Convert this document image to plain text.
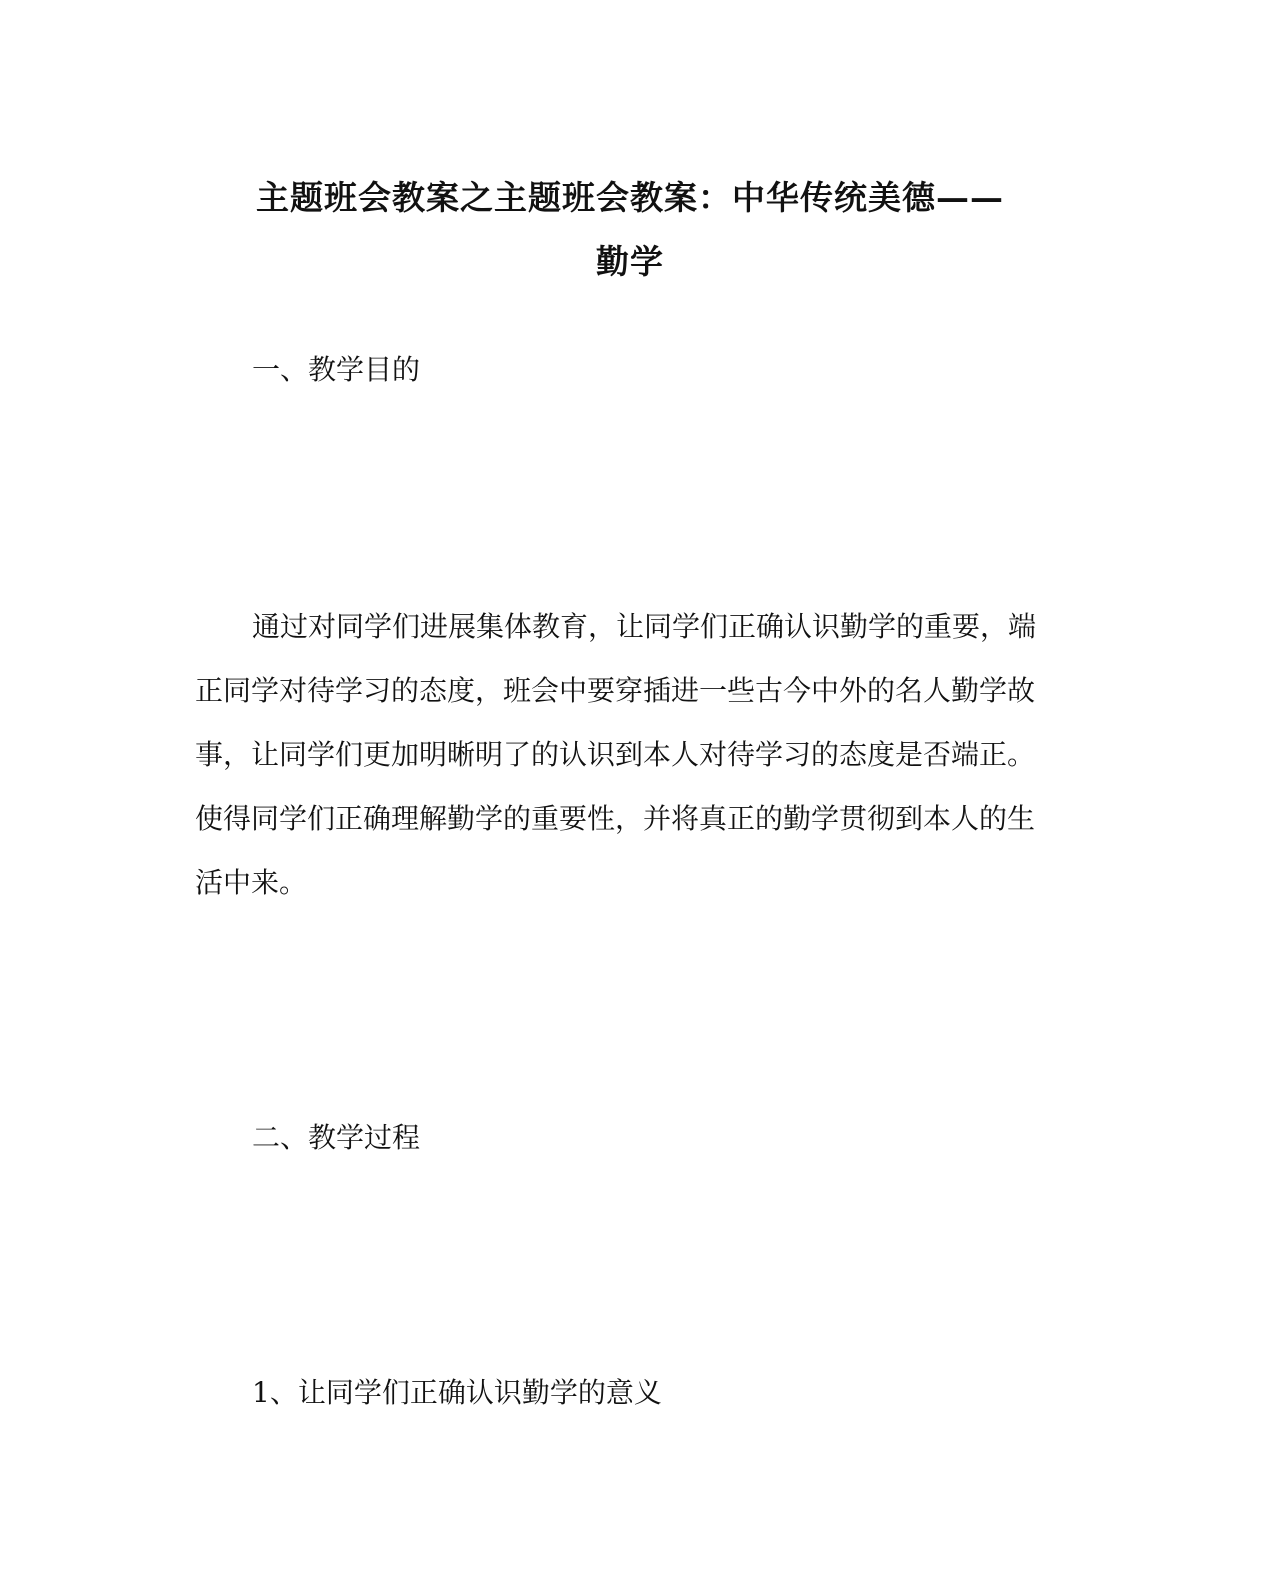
主题班会教案之主题班会教案：中华传统美德——
勤学
一、教学目的
通过对同学们进展集体教育，让同学们正确认识勤学的重要，端
正同学对待学习的态度，班会中要穿插进一些古今中外的名人勤学故
事，让同学们更加明晰明了的认识到本人对待学习的态度是否端正。
使得同学们正确理解勤学的重要性，并将真正的勤学贯彻到本人的生
活中来。
二、教学过程
1、让同学们正确认识勤学的意义
